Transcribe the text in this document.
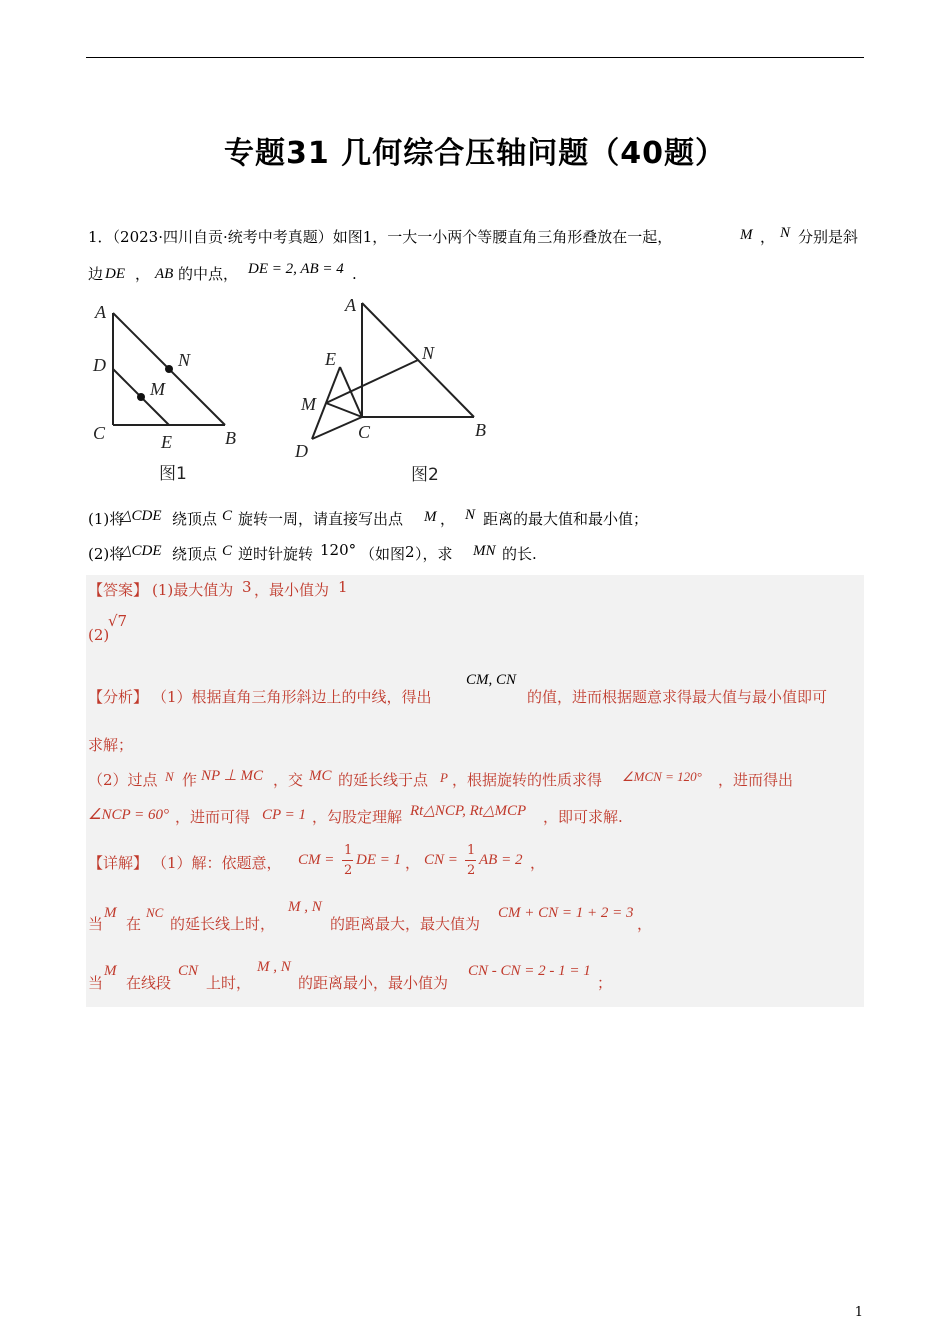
专题31 几何综合压轴问题（40题）
1．（2023·四川自贡·统考中考真题）如图1，一大一小两个等腰直角三角形叠放在一起，	M ， N 分别是斜
边 DE ， AB 的中点， DE = 2, AB = 4 .
A
D	N
M
C	E	B
图1
A
E	N
M
C	B
D
图2
(1)将
△CDE 绕顶点 C 旋转一周，请直接写出点 M ， N 距离的最大值和最小值；
(2)将
△CDE 绕顶点 C 逆时针旋转 120° （如图 2 ），求 MN 的长.
【答案】 (1)最大值为 3 ，最小值为 1
(2)
√7
【分析】 （1）根据直角三角形斜边上的中线，得出
CM, CN
的值，进而根据题意求得最大值与最小值即可
求解；
（2）过点 N 作 NP ⊥ MC ，交 MC 的延长线于点 P ，根据旋转的性质求得 ∠MCN = 120° ，进而得出
∠NCP = 60° ，进而可得 CP = 1 ，勾股定理解 Rt△NCP, Rt△MCP ，即可求解.
【详解】 （1）解：依题意， CM =
1
2
DE = 1 ， CN =
1
2
AB = 2 ，
当
M
在
NC
的延长线上时，
M , N
的距离最大，最大值为
CM + CN = 1 + 2 = 3
，
当
M
在线段
CN
上时，
M , N
的距离最小，最小值为
CN - CN = 2 - 1 = 1
；
1
